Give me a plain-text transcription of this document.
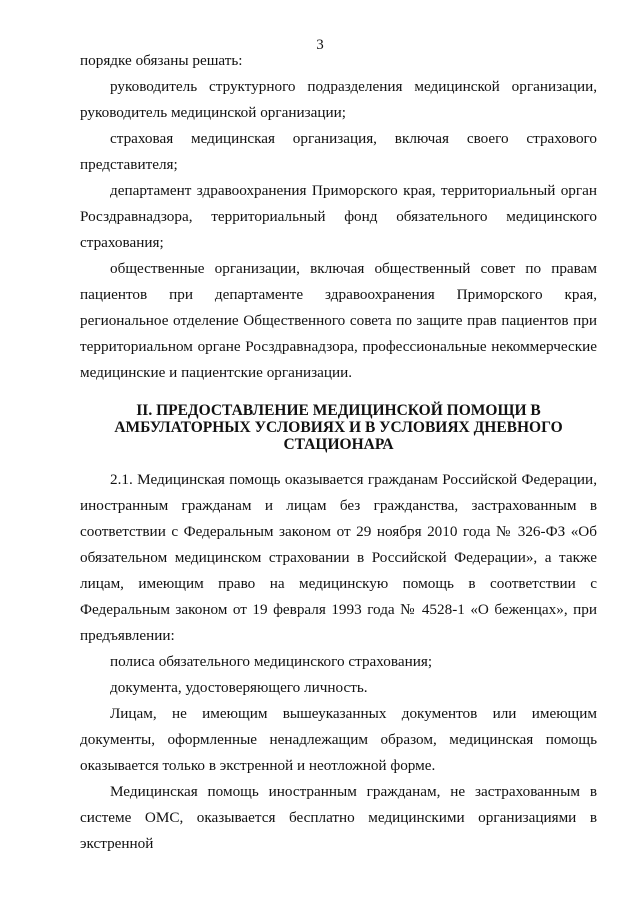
3

порядке обязаны решать:

руководитель структурного подразделения медицинской организации, руководитель медицинской организации;

страховая медицинская организация, включая своего страхового представителя;

департамент здравоохранения Приморского края, территориальный орган Росздравнадзора, территориальный фонд обязательного медицинского страхования;

общественные организации, включая общественный совет по правам пациентов при департаменте здравоохранения Приморского края, региональное отделение Общественного совета по защите прав пациентов при территориальном органе Росздравнадзора, профессиональные некоммерческие медицинские и пациентские организации.

II. ПРЕДОСТАВЛЕНИЕ МЕДИЦИНСКОЙ ПОМОЩИ В
АМБУЛАТОРНЫХ УСЛОВИЯХ И В УСЛОВИЯХ ДНЕВНОГО
СТАЦИОНАРА

2.1. Медицинская помощь оказывается гражданам Российской Федерации, иностранным гражданам и лицам без гражданства, застрахованным в соответствии с Федеральным законом от 29 ноября 2010 года № 326-ФЗ «Об обязательном медицинском страховании в Российской Федерации», а также лицам, имеющим право на медицинскую помощь в соответствии с Федеральным законом от 19 февраля 1993 года № 4528-1 «О беженцах», при предъявлении:

полиса обязательного медицинского страхования;

документа, удостоверяющего личность.

Лицам, не имеющим вышеуказанных документов или имеющим документы, оформленные ненадлежащим образом, медицинская помощь оказывается только в экстренной и неотложной форме.

Медицинская помощь иностранным гражданам, не застрахованным в системе ОМС, оказывается бесплатно медицинскими организациями в экстренной
